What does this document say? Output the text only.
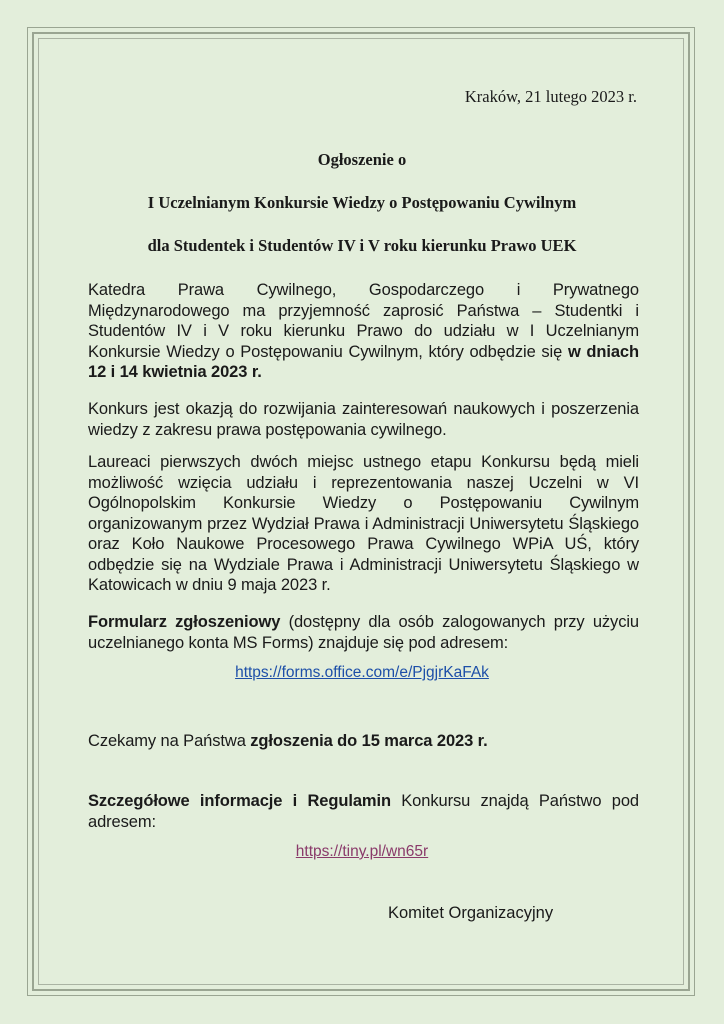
Kraków, 21 lutego 2023 r.
Ogłoszenie o
I Uczelnianym Konkursie Wiedzy o Postępowaniu Cywilnym
dla Studentek i Studentów IV i V roku kierunku Prawo UEK
Katedra Prawa Cywilnego, Gospodarczego i Prywatnego Międzynarodowego ma przyjemność zaprosić Państwa – Studentki i Studentów IV i V roku kierunku Prawo do udziału w I Uczelnianym Konkursie Wiedzy o Postępowaniu Cywilnym, który odbędzie się w dniach 12 i 14 kwietnia 2023 r.
Konkurs jest okazją do rozwijania zainteresowań naukowych i poszerzenia wiedzy z zakresu prawa postępowania cywilnego.
Laureaci pierwszych dwóch miejsc ustnego etapu Konkursu będą mieli możliwość wzięcia udziału i reprezentowania naszej Uczelni w VI Ogólnopolskim Konkursie Wiedzy o Postępowaniu Cywilnym organizowanym przez Wydział Prawa i Administracji Uniwersytetu Śląskiego oraz Koło Naukowe Procesowego Prawa Cywilnego WPiA UŚ, który odbędzie się na Wydziale Prawa i Administracji Uniwersytetu Śląskiego w Katowicach w dniu 9 maja 2023 r.
Formularz zgłoszeniowy (dostępny dla osób zalogowanych przy użyciu uczelnianego konta MS Forms) znajduje się pod adresem:
https://forms.office.com/e/PjgjrKaFAk
Czekamy na Państwa zgłoszenia do 15 marca 2023 r.
Szczegółowe informacje i Regulamin Konkursu znajdą Państwo pod adresem:
https://tiny.pl/wn65r
Komitet Organizacyjny
